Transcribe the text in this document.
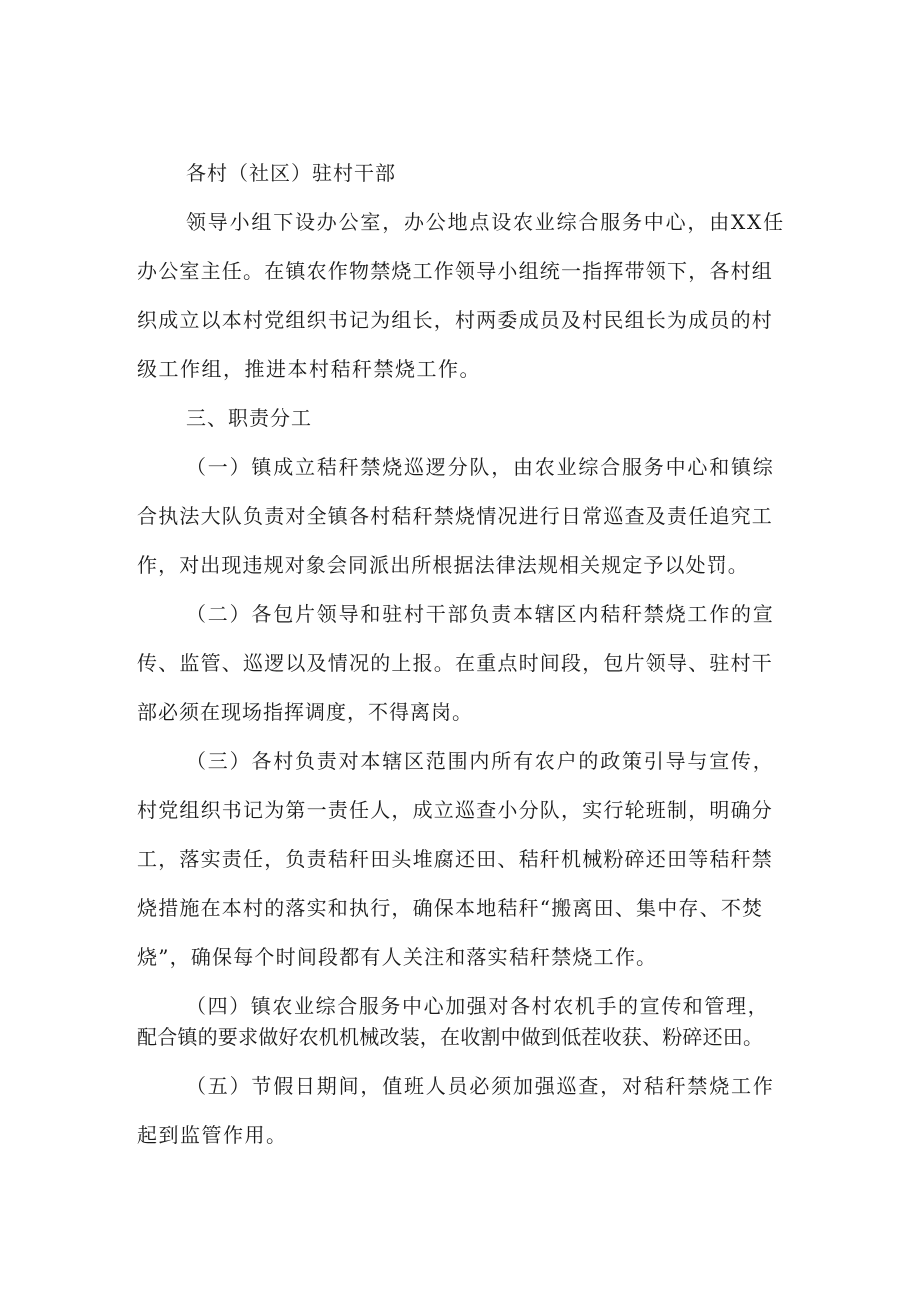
各村（社区）驻村干部
领导小组下设办公室，办公地点设农业综合服务中心，由XX任
办公室主任。在镇农作物禁烧工作领导小组统一指挥带领下，各村组
织成立以本村党组织书记为组长，村两委成员及村民组长为成员的村
级工作组，推进本村秸秆禁烧工作。
三、职责分工
（一）镇成立秸秆禁烧巡逻分队，由农业综合服务中心和镇综
合执法大队负责对全镇各村秸秆禁烧情况进行日常巡查及责任追究工
作，对出现违规对象会同派出所根据法律法规相关规定予以处罚。
（二）各包片领导和驻村干部负责本辖区内秸秆禁烧工作的宣
传、监管、巡逻以及情况的上报。在重点时间段，包片领导、驻村干
部必须在现场指挥调度，不得离岗。
（三）各村负责对本辖区范围内所有农户的政策引导与宣传，
村党组织书记为第一责任人，成立巡查小分队，实行轮班制，明确分
工，落实责任，负责秸秆田头堆腐还田、秸秆机械粉碎还田等秸秆禁
烧措施在本村的落实和执行，确保本地秸秆“搬离田、集中存、不焚
烧”，确保每个时间段都有人关注和落实秸秆禁烧工作。
（四）镇农业综合服务中心加强对各村农机手的宣传和管理，
配合镇的要求做好农机机械改装，在收割中做到低茬收获、粉碎还田。
（五）节假日期间，值班人员必须加强巡查，对秸秆禁烧工作
起到监管作用。
